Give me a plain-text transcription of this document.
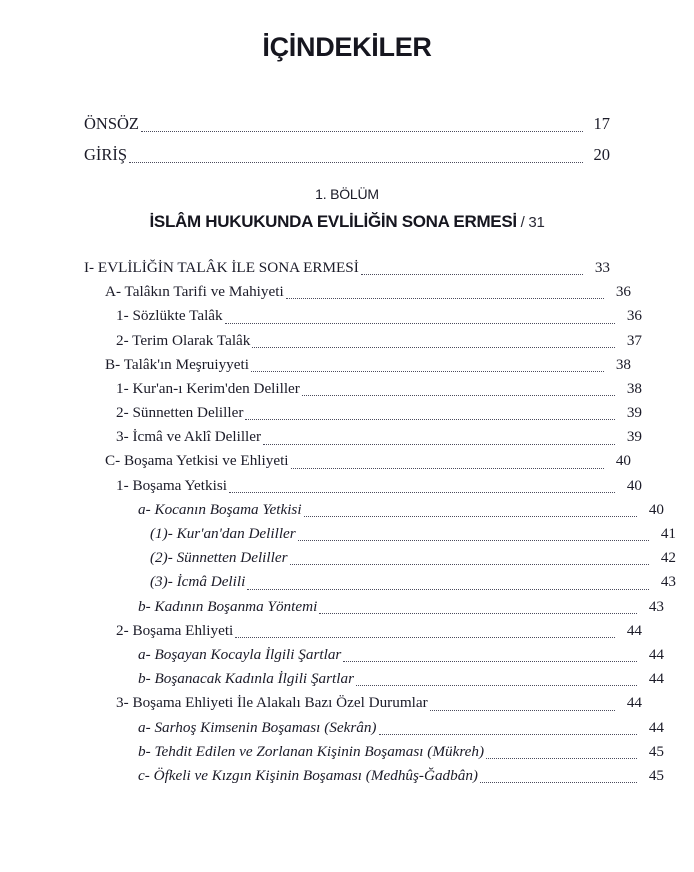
İÇİNDEKİLER
ÖNSÖZ	17
GİRİŞ	20
1. BÖLÜM
İSLÂM HUKUKUNDA EVLİLİĞİN SONA ERMESİ / 31
I- EVLİLİĞİN TALÂK İLE SONA ERMESİ	33
A- Talâkın Tarifi ve Mahiyeti	36
1- Sözlükte Talâk	36
2- Terim Olarak Talâk	37
B- Talâk'ın Meşruiyyeti	38
1- Kur'an-ı Kerim'den Deliller	38
2- Sünnetten Deliller	39
3- İcmâ ve Aklî Deliller	39
C- Boşama Yetkisi ve Ehliyeti	40
1- Boşama Yetkisi	40
a- Kocanın Boşama Yetkisi	40
(1)- Kur'an'dan Deliller	41
(2)- Sünnetten Deliller	42
(3)- İcmâ Delili	43
b- Kadının Boşanma Yöntemi	43
2- Boşama Ehliyeti	44
a- Boşayan Kocayla İlgili Şartlar	44
b- Boşanacak Kadınla İlgili Şartlar	44
3- Boşama Ehliyeti İle Alakalı Bazı Özel Durumlar	44
a- Sarhoş Kimsenin Boşaması (Sekrân)	44
b- Tehdit Edilen ve Zorlanan Kişinin Boşaması (Mükreh)	45
c- Öfkeli ve Kızgın Kişinin Boşaması (Medhûş-Ğadbân)	45
